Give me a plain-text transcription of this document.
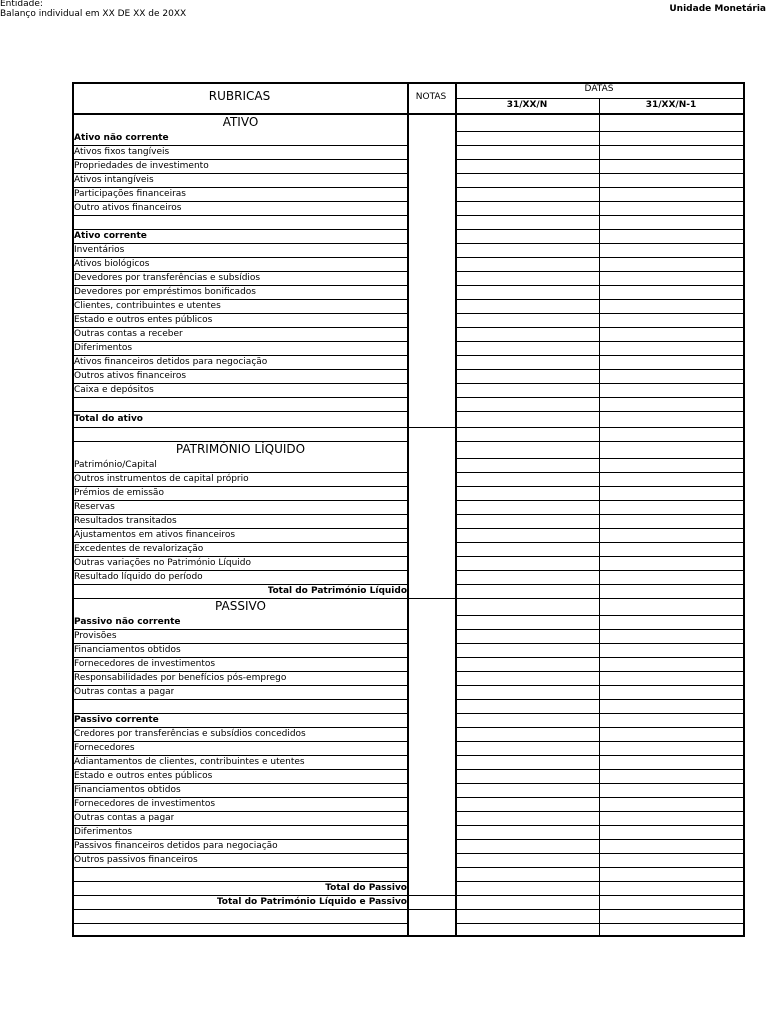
Entidade:
Balanço individual em XX DE XX de 20XX	Unidade Monetária
RUBRICAS	NOTAS
DATAS
31/XX/N	31/XX/N-1
ATIVO
Ativo não corrente
Ativos fixos tangíveis
Propriedades de investimento
Ativos intangíveis
Participações financeiras
Outro ativos financeiros
Ativo corrente
Inventários
Ativos biológicos
Devedores por transferências e subsídios
Devedores por empréstimos bonificados
Clientes, contribuintes e utentes
Estado e outros entes públicos
Outras contas a receber
Diferimentos
Ativos financeiros detidos para negociação
Outros ativos financeiros
Caixa e depósitos
Total do ativo
PATRIMÓNIO LÍQUIDO
Património/Capital
Outros instrumentos de capital próprio
Prémios de emissão
Reservas
Resultados transitados
Ajustamentos em ativos financeiros
Excedentes de revalorização
Outras variações no Património Líquido
Resultado líquido do período
Total do Património Líquido
PASSIVO
Passivo não corrente
Provisões
Financiamentos obtidos
Fornecedores de investimentos
Responsabilidades por benefícios pós-emprego
Outras contas a pagar
Passivo corrente
Credores por transferências e subsídios concedidos
Fornecedores
Adiantamentos de clientes, contribuintes e utentes
Estado e outros entes públicos
Financiamentos obtidos
Fornecedores de investimentos
Outras contas a pagar
Diferimentos
Passivos financeiros detidos para negociação
Outros passivos financeiros
Total do Passivo
Total do Património Líquido e Passivo
